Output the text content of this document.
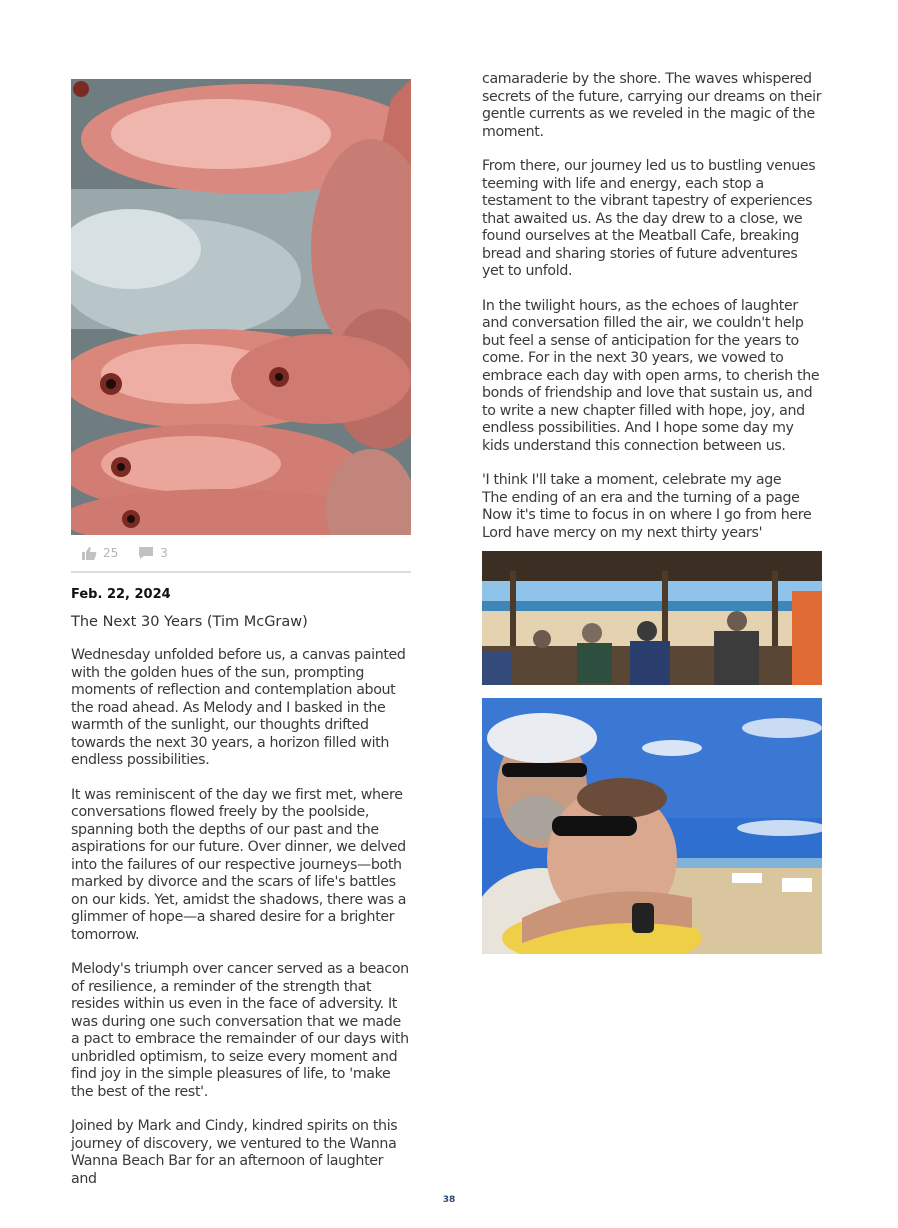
25	3
Feb. 22, 2024
The Next 30 Years (Tim McGraw)

Wednesday unfolded before us, a canvas painted with the golden hues of the sun, prompting moments of reflection and contemplation about the road ahead. As Melody and I basked in the warmth of the sunlight, our thoughts drifted towards the next 30 years, a horizon filled with endless possibilities.

It was reminiscent of the day we first met, where conversations flowed freely by the poolside, spanning both the depths of our past and the aspirations for our future. Over dinner, we delved into the failures of our respective journeys—both marked by divorce and the scars of life's battles on our kids. Yet, amidst the shadows, there was a glimmer of hope—a shared desire for a brighter tomorrow.

Melody's triumph over cancer served as a beacon of resilience, a reminder of the strength that resides within us even in the face of adversity. It was during one such conversation that we made a pact to embrace the remainder of our days with unbridled optimism, to seize every moment and find joy in the simple pleasures of life, to 'make the best of the rest'.

Joined by Mark and Cindy, kindred spirits on this journey of discovery, we ventured to the Wanna Wanna Beach Bar for an afternoon of laughter and

camaraderie by the shore. The waves whispered secrets of the future, carrying our dreams on their gentle currents as we reveled in the magic of the moment.

From there, our journey led us to bustling venues teeming with life and energy, each stop a testament to the vibrant tapestry of experiences that awaited us. As the day drew to a close, we found ourselves at the Meatball Cafe, breaking bread and sharing stories of future adventures yet to unfold.

In the twilight hours, as the echoes of laughter and conversation filled the air, we couldn't help but feel a sense of anticipation for the years to come. For in the next 30 years, we vowed to embrace each day with open arms, to cherish the bonds of friendship and love that sustain us, and to write a new chapter filled with hope, joy, and endless possibilities. And I hope some day my kids understand this connection between us.

'I think I'll take a moment, celebrate my age
The ending of an era and the turning of a page
Now it's time to focus in on where I go from here
Lord have mercy on my next thirty years'

38
